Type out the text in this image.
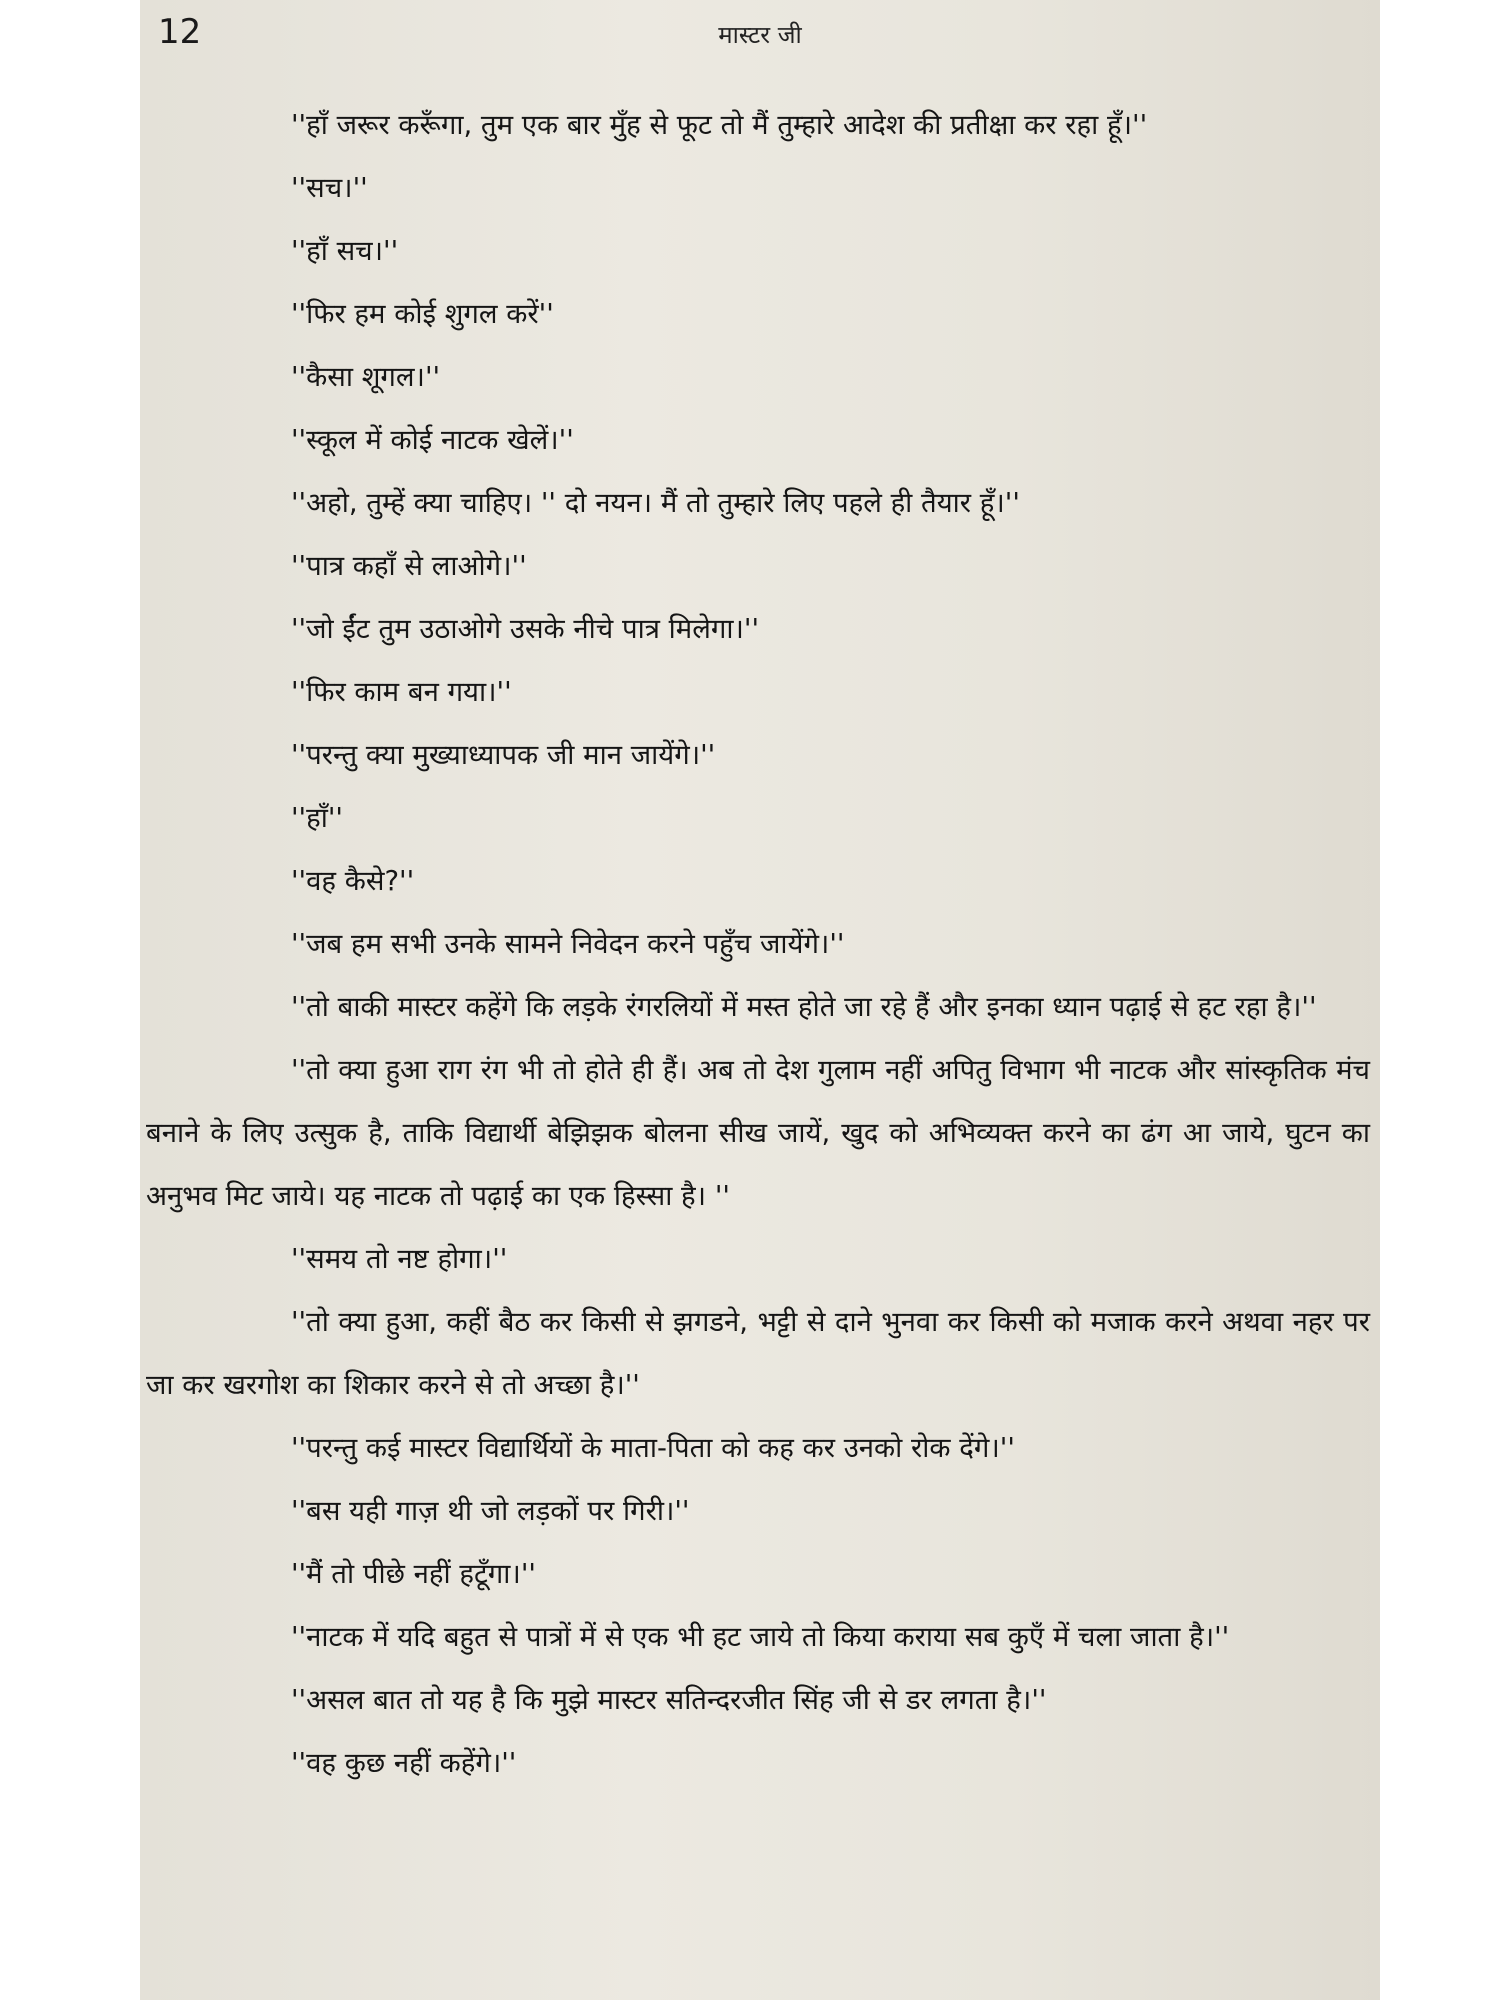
12	मास्टर जी

''हाँ जरूर करूँगा, तुम एक बार मुँह से फूट तो मैं तुम्हारे आदेश की प्रतीक्षा कर रहा हूँ।''

''सच।''

''हाँ सच।''

''फिर हम कोई शुगल करें''

''कैसा शूगल।''

''स्कूल में कोई नाटक खेलें।''

''अहो, तुम्हें क्या चाहिए। '' दो नयन। मैं तो तुम्हारे लिए पहले ही तैयार हूँ।''

''पात्र कहाँ से लाओगे।''

''जो ईंट तुम उठाओगे उसके नीचे पात्र मिलेगा।''

''फिर काम बन गया।''

''परन्तु क्या मुख्याध्यापक जी मान जायेंगे।''

''हाँ''

''वह कैसे?''

''जब हम सभी उनके सामने निवेदन करने पहुँच जायेंगे।''

''तो बाकी मास्टर कहेंगे कि लड़के रंगरलियों में मस्त होते जा रहे हैं और इनका ध्यान पढ़ाई से हट रहा है।''

''तो क्या हुआ राग रंग भी तो होते ही हैं। अब तो देश गुलाम नहीं अपितु विभाग भी नाटक और सांस्कृतिक मंच बनाने के लिए उत्सुक है, ताकि विद्यार्थी बेझिझक बोलना सीख जायें, खुद को अभिव्यक्त करने का ढंग आ जाये, घुटन का अनुभव मिट जाये। यह नाटक तो पढ़ाई का एक हिस्सा है। ''

''समय तो नष्ट होगा।''

''तो क्या हुआ, कहीं बैठ कर किसी से झगडने, भट्टी से दाने भुनवा कर किसी को मजाक करने अथवा नहर पर जा कर खरगोश का शिकार करने से तो अच्छा है।''

''परन्तु कई मास्टर विद्यार्थियों के माता-पिता को कह कर उनको रोक देंगे।''

''बस यही गाज़ थी जो लड़कों पर गिरी।''

''मैं तो पीछे नहीं हटूँगा।''

''नाटक में यदि बहुत से पात्रों में से एक भी हट जाये तो किया कराया सब कुएँ में चला जाता है।''

''असल बात तो यह है कि मुझे मास्टर सतिन्दरजीत सिंह जी से डर लगता है।''

''वह कुछ नहीं कहेंगे।''
